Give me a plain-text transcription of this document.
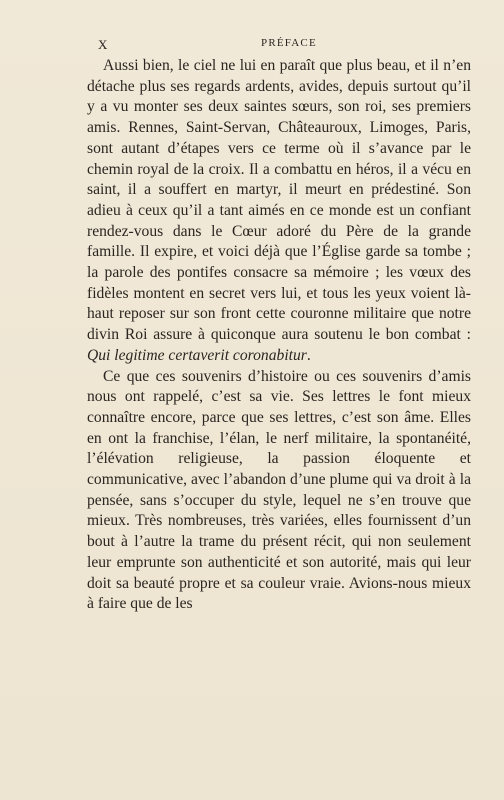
X	PRÉFACE

Aussi bien, le ciel ne lui en paraît que plus beau, et il n’en détache plus ses regards ardents, avides, depuis surtout qu’il y a vu monter ses deux saintes sœurs, son roi, ses premiers amis. Rennes, Saint-Servan, Châteauroux, Limoges, Paris, sont autant d’étapes vers ce terme où il s’avance par le chemin royal de la croix. Il a combattu en héros, il a vécu en saint, il a souffert en martyr, il meurt en prédestiné. Son adieu à ceux qu’il a tant aimés en ce monde est un confiant rendez-vous dans le Cœur adoré du Père de la grande famille. Il expire, et voici déjà que l’Église garde sa tombe ; la parole des pontifes consacre sa mémoire ; les vœux des fidèles montent en secret vers lui, et tous les yeux voient là-haut reposer sur son front cette couronne militaire que notre divin Roi assure à quiconque aura soutenu le bon combat : Qui legitime certaverit coronabitur.

Ce que ces souvenirs d’histoire ou ces souvenirs d’amis nous ont rappelé, c’est sa vie. Ses lettres le font mieux connaître encore, parce que ses lettres, c’est son âme. Elles en ont la franchise, l’élan, le nerf militaire, la spontanéité, l’élévation religieuse, la passion éloquente et communicative, avec l’abandon d’une plume qui va droit à la pensée, sans s’occuper du style, lequel ne s’en trouve que mieux. Très nombreuses, très variées, elles fournissent d’un bout à l’autre la trame du présent récit, qui non seulement leur emprunte son authenticité et son autorité, mais qui leur doit sa beauté propre et sa couleur vraie. Avions-nous mieux à faire que de les
